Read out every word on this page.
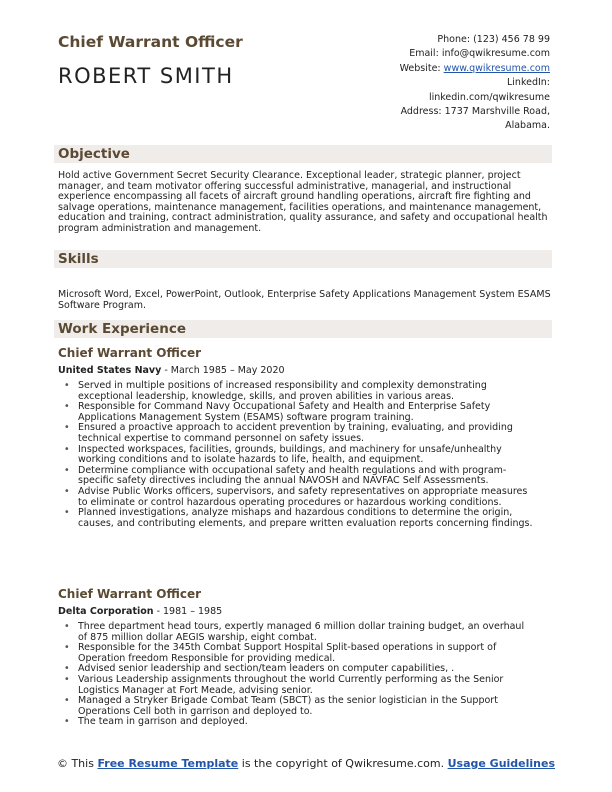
Chief Warrant Officer
ROBERT SMITH
Phone: (123) 456 78 99
Email: info@qwikresume.com
Website: www.qwikresume.com
LinkedIn:
linkedin.com/qwikresume
Address: 1737 Marshville Road,
Alabama.
Objective
Hold active Government Secret Security Clearance. Exceptional leader, strategic planner, project manager, and team motivator offering successful administrative, managerial, and instructional experience encompassing all facets of aircraft ground handling operations, aircraft fire fighting and salvage operations, maintenance management, facilities operations, and maintenance management, education and training, contract administration, quality assurance, and safety and occupational health program administration and management.
Skills
Microsoft Word, Excel, PowerPoint, Outlook, Enterprise Safety Applications Management System ESAMS Software Program.
Work Experience
Chief Warrant Officer
United States Navy - March 1985 – May 2020
• Served in multiple positions of increased responsibility and complexity demonstrating exceptional leadership, knowledge, skills, and proven abilities in various areas.
• Responsible for Command Navy Occupational Safety and Health and Enterprise Safety Applications Management System (ESAMS) software program training.
• Ensured a proactive approach to accident prevention by training, evaluating, and providing technical expertise to command personnel on safety issues.
• Inspected workspaces, facilities, grounds, buildings, and machinery for unsafe/unhealthy working conditions and to isolate hazards to life, health, and equipment.
• Determine compliance with occupational safety and health regulations and with program-specific safety directives including the annual NAVOSH and NAVFAC Self Assessments.
• Advise Public Works officers, supervisors, and safety representatives on appropriate measures to eliminate or control hazardous operating procedures or hazardous working conditions.
• Planned investigations, analyze mishaps and hazardous conditions to determine the origin, causes, and contributing elements, and prepare written evaluation reports concerning findings.
Chief Warrant Officer
Delta Corporation - 1981 – 1985
• Three department head tours, expertly managed 6 million dollar training budget, an overhaul of 875 million dollar AEGIS warship, eight combat.
• Responsible for the 345th Combat Support Hospital Split-based operations in support of Operation freedom Responsible for providing medical.
• Advised senior leadership and section/team leaders on computer capabilities, .
• Various Leadership assignments throughout the world Currently performing as the Senior Logistics Manager at Fort Meade, advising senior.
• Managed a Stryker Brigade Combat Team (SBCT) as the senior logistician in the Support Operations Cell both in garrison and deployed to.
• The team in garrison and deployed.
© This Free Resume Template is the copyright of Qwikresume.com. Usage Guidelines
